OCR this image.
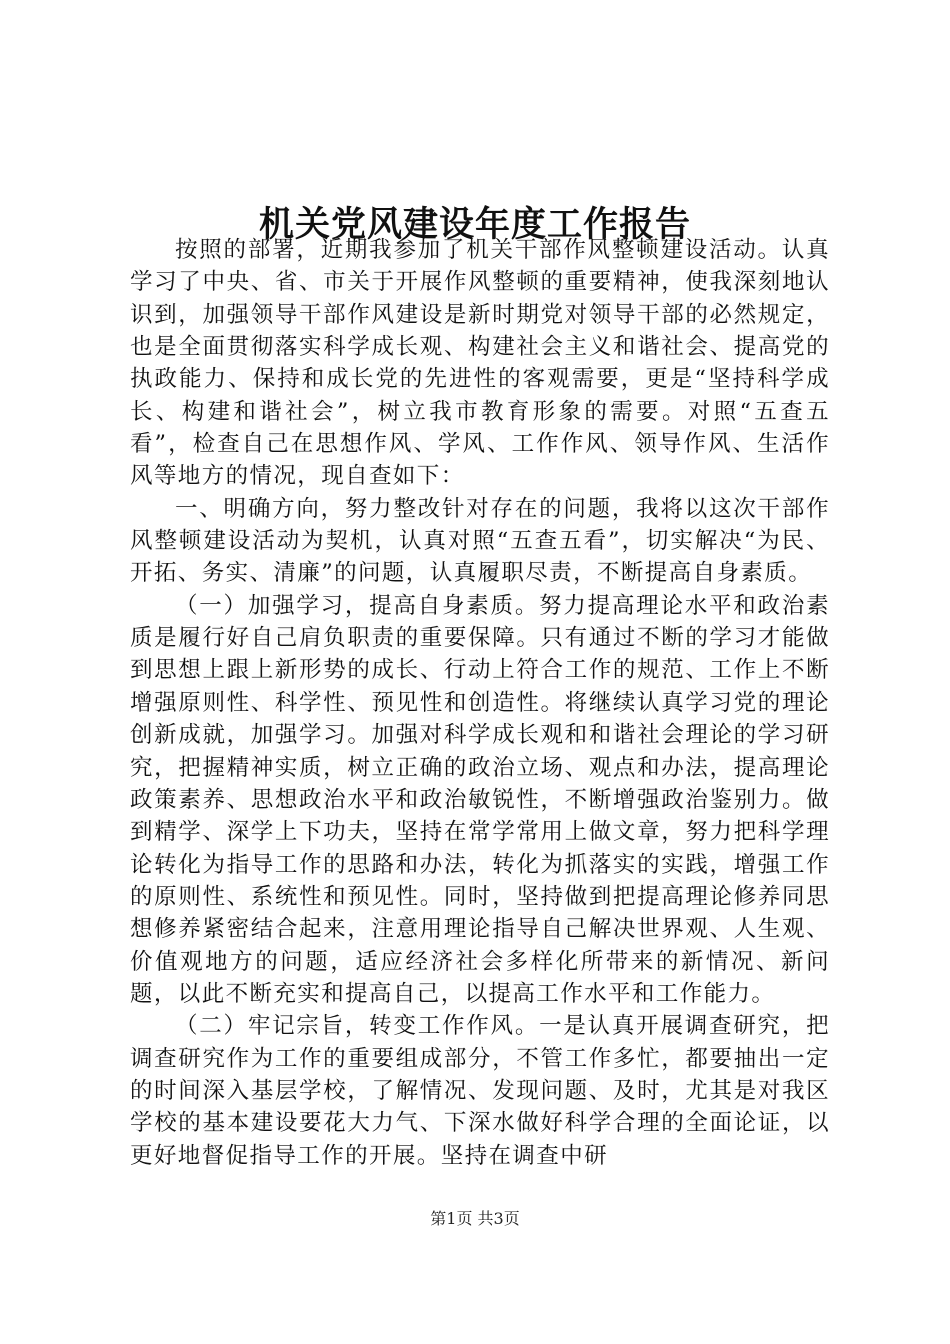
机关党风建设年度工作报告

按照的部署，近期我参加了机关干部作风整顿建设活动。认真学习了中央、省、市关于开展作风整顿的重要精神，使我深刻地认识到，加强领导干部作风建设是新时期党对领导干部的必然规定，也是全面贯彻落实科学成长观、构建社会主义和谐社会、提高党的执政能力、保持和成长党的先进性的客观需要，更是“坚持科学成长、构建和谐社会”，树立我市教育形象的需要。对照“五查五看”，检查自己在思想作风、学风、工作作风、领导作风、生活作风等地方的情况，现自查如下：

一、明确方向，努力整改针对存在的问题，我将以这次干部作风整顿建设活动为契机，认真对照“五查五看”，切实解决“为民、开拓、务实、清廉”的问题，认真履职尽责，不断提高自身素质。

（一）加强学习，提高自身素质。努力提高理论水平和政治素质是履行好自己肩负职责的重要保障。只有通过不断的学习才能做到思想上跟上新形势的成长、行动上符合工作的规范、工作上不断增强原则性、科学性、预见性和创造性。将继续认真学习党的理论创新成就，加强学习。加强对科学成长观和和谐社会理论的学习研究，把握精神实质，树立正确的政治立场、观点和办法，提高理论政策素养、思想政治水平和政治敏锐性，不断增强政治鉴别力。做到精学、深学上下功夫，坚持在常学常用上做文章，努力把科学理论转化为指导工作的思路和办法，转化为抓落实的实践，增强工作的原则性、系统性和预见性。同时，坚持做到把提高理论修养同思想修养紧密结合起来，注意用理论指导自己解决世界观、人生观、价值观地方的问题，适应经济社会多样化所带来的新情况、新问题，以此不断充实和提高自己，以提高工作水平和工作能力。

（二）牢记宗旨，转变工作作风。一是认真开展调查研究，把调查研究作为工作的重要组成部分，不管工作多忙，都要抽出一定的时间深入基层学校，了解情况、发现问题、及时，尤其是对我区学校的基本建设要花大力气、下深水做好科学合理的全面论证，以更好地督促指导工作的开展。坚持在调查中研

第1页 共3页
